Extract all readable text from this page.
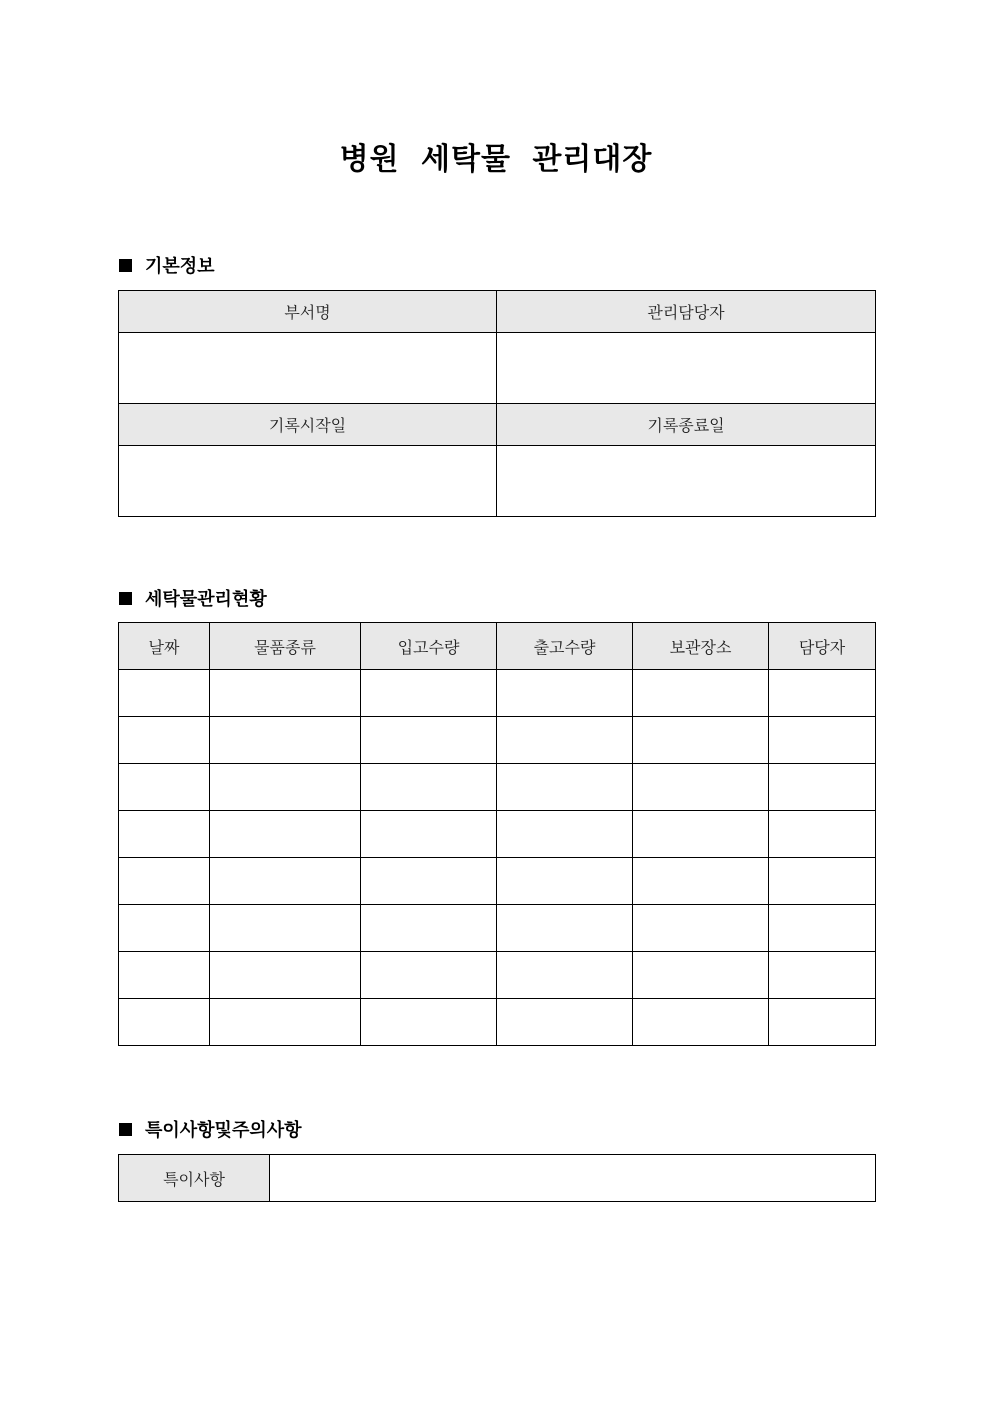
병원 세탁물 관리대장
기본정보
부서명	관리담당자

기록시작일	기록종료일

세탁물관리현황
날짜	물품종류	입고수량	출고수량	보관장소	담당자

특이사항및주의사항
특이사항	
